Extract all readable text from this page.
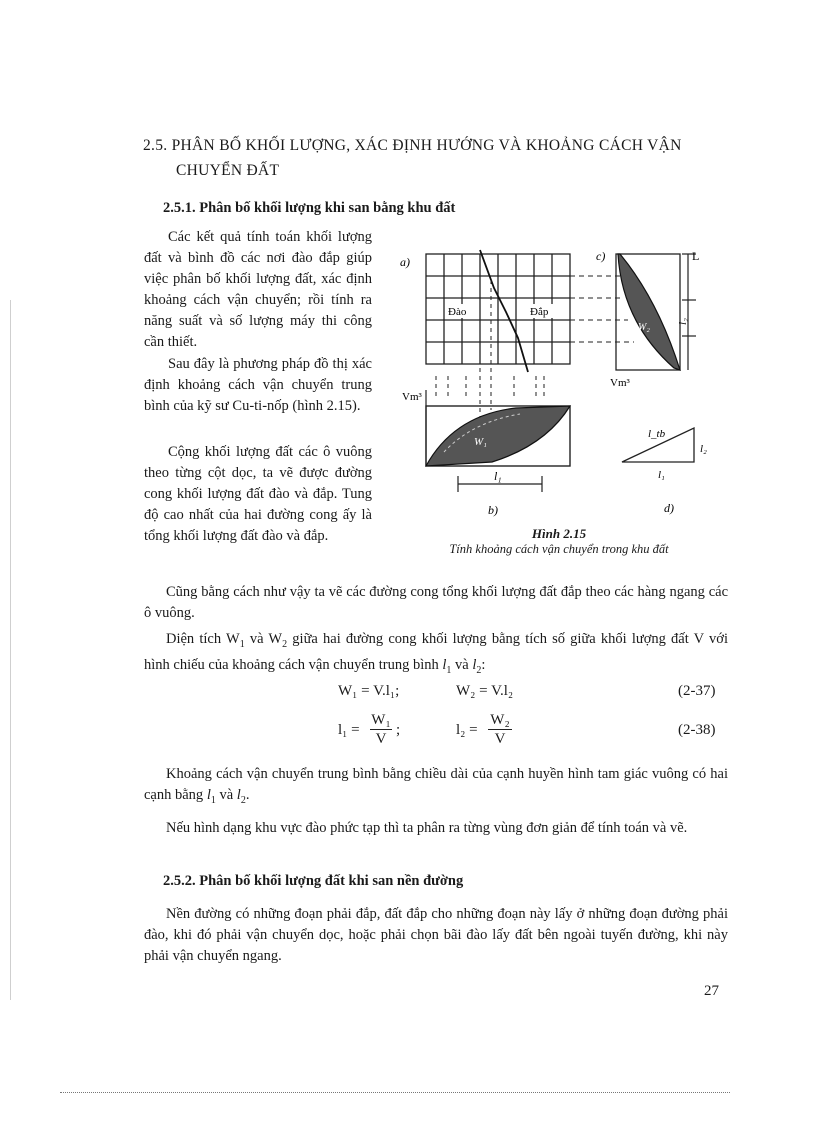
2.5. PHÂN BỐ KHỐI LƯỢNG, XÁC ĐỊNH HƯỚNG VÀ KHOẢNG CÁCH VẬN
CHUYỂN ĐẤT
2.5.1. Phân bố khối lượng khi san bằng khu đất

Các kết quả tính toán khối lượng đất và bình đồ các nơi đào đắp giúp việc phân bố khối lượng đất, xác định khoảng cách vận chuyển; rồi tính ra năng suất và số lượng máy thi công cần thiết.

Sau đây là phương pháp đồ thị xác định khoảng cách vận chuyển trung bình của kỹ sư Cu-ti-nốp (hình 2.15).

Cộng khối lượng đất các ô vuông theo từng cột dọc, ta vẽ được đường cong khối lượng đất đào và đắp. Tung độ cao nhất của hai đường cong ấy là tổng khối lượng đất đào và đắp.

a)
Đào	Đắp
Vm³
W₁
l₁
b)
c)
W₂
l₂
L
Vm³
l_tb
l₂
l₁
d)
Hình 2.15
Tính khoảng cách vận chuyển trong khu đất

Cũng bằng cách như vậy ta vẽ các đường cong tổng khối lượng đất đắp theo các hàng ngang các ô vuông.

Diện tích $W_1$ và $W_2$ giữa hai đường cong khối lượng bằng tích số giữa khối lượng đất V với hình chiếu của khoảng cách vận chuyển trung bình $l_1$ và $l_2$:

W₁ = V.l₁;	W₂ = V.l₂	(2-37)
$l_1 = \frac{\text{W₁}}{V}$ ;	$l_2 = \frac{\text{W₂}}{V}$	(2-38)

Khoảng cách vận chuyển trung bình bằng chiều dài của cạnh huyền hình tam giác vuông có hai cạnh bằng $l_1$ và $l_2$.

Nếu hình dạng khu vực đào phức tạp thì ta phân ra từng vùng đơn giản để tính toán và vẽ.

2.5.2. Phân bố khối lượng đất khi san nền đường

Nền đường có những đoạn phải đắp, đất đắp cho những đoạn này lấy ở những đoạn đường phải đào, khi đó phải vận chuyển dọc, hoặc phải chọn bãi đào lấy đất bên ngoài tuyến đường, khi này phải vận chuyển ngang.

27
